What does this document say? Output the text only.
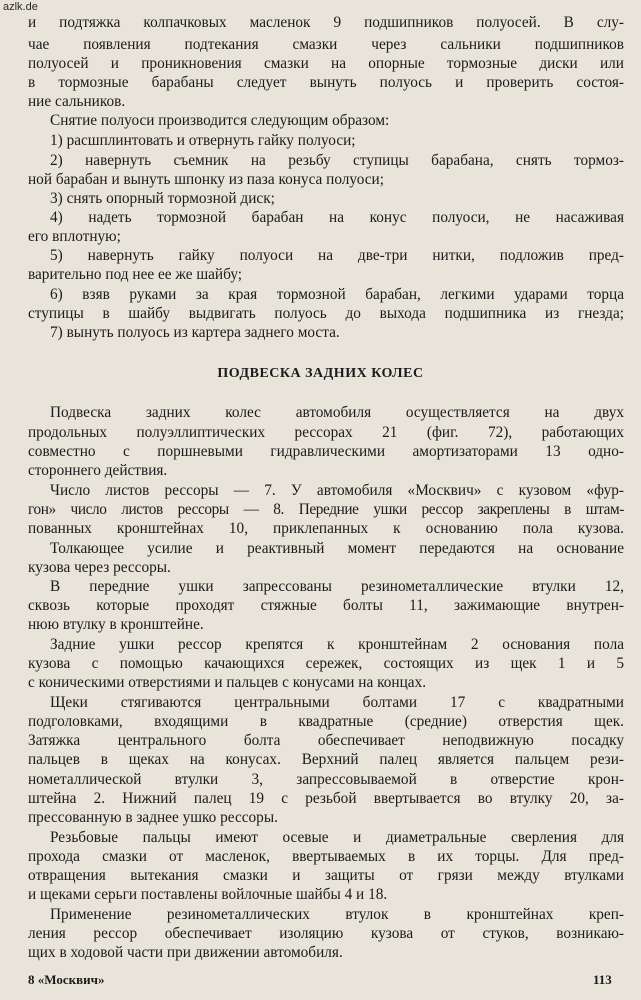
azlk.de
и подтяжка колпачковых масленок 9 подшипников полуосей. В слу-
чае появления подтекания смазки через сальники подшипников
полуосей и проникновения смазки на опорные тормозные диски или
в тормозные барабаны следует вынуть полуось и проверить состоя-
ние сальников.
Снятие полуоси производится следующим образом:
1) расшплинтовать и отвернуть гайку полуоси;
2) навернуть съемник на резьбу ступицы барабана, снять тормоз-
ной барабан и вынуть шпонку из паза конуса полуоси;
3) снять опорный тормозной диск;
4) надеть тормозной барабан на конус полуоси, не насаживая
его вплотную;
5) навернуть гайку полуоси на две-три нитки, подложив пред-
варительно под нее ее же шайбу;
6) взяв руками за края тормозной барабан, легкими ударами торца
ступицы в шайбу выдвигать полуось до выхода подшипника из гнезда;
7) вынуть полуось из картера заднего моста.
ПОДВЕСКА ЗАДНИХ КОЛЕС
Подвеска задних колес автомобиля осуществляется на двух
продольных полуэллиптических рессорах 21 (фиг. 72), работающих
совместно с поршневыми гидравлическими амортизаторами 13 одно-
стороннего действия.
Число листов рессоры — 7. У автомобиля «Москвич» с кузовом «фур-
гон» число листов рессоры — 8. Передние ушки рессор закреплены в штам-
пованных кронштейнах 10, приклепанных к основанию пола кузова.
Толкающее усилие и реактивный момент передаются на основание
кузова через рессоры.
В передние ушки запрессованы резинометаллические втулки 12,
сквозь которые проходят стяжные болты 11, зажимающие внутрен-
нюю втулку в кронштейне.
Задние ушки рессор крепятся к кронштейнам 2 основания пола
кузова с помощью качающихся сережек, состоящих из щек 1 и 5
с коническими отверстиями и пальцев с конусами на концах.
Щеки стягиваются центральными болтами 17 с квадратными
подголовками, входящими в квадратные (средние) отверстия щек.
Затяжка центрального болта обеспечивает неподвижную посадку
пальцев в щеках на конусах. Верхний палец является пальцем рези-
нометаллической втулки 3, запрессовываемой в отверстие крон-
штейна 2. Нижний палец 19 с резьбой ввертывается во втулку 20, за-
прессованную в заднее ушко рессоры.
Резьбовые пальцы имеют осевые и диаметральные сверления для
прохода смазки от масленок, ввертываемых в их торцы. Для пред-
отвращения вытекания смазки и защиты от грязи между втулками
и щеками серьги поставлены войлочные шайбы 4 и 18.
Применение резинометаллических втулок в кронштейнах креп-
ления рессор обеспечивает изоляцию кузова от стуков, возникаю-
щих в ходовой части при движении автомобиля.
8 «Москвич»	113
